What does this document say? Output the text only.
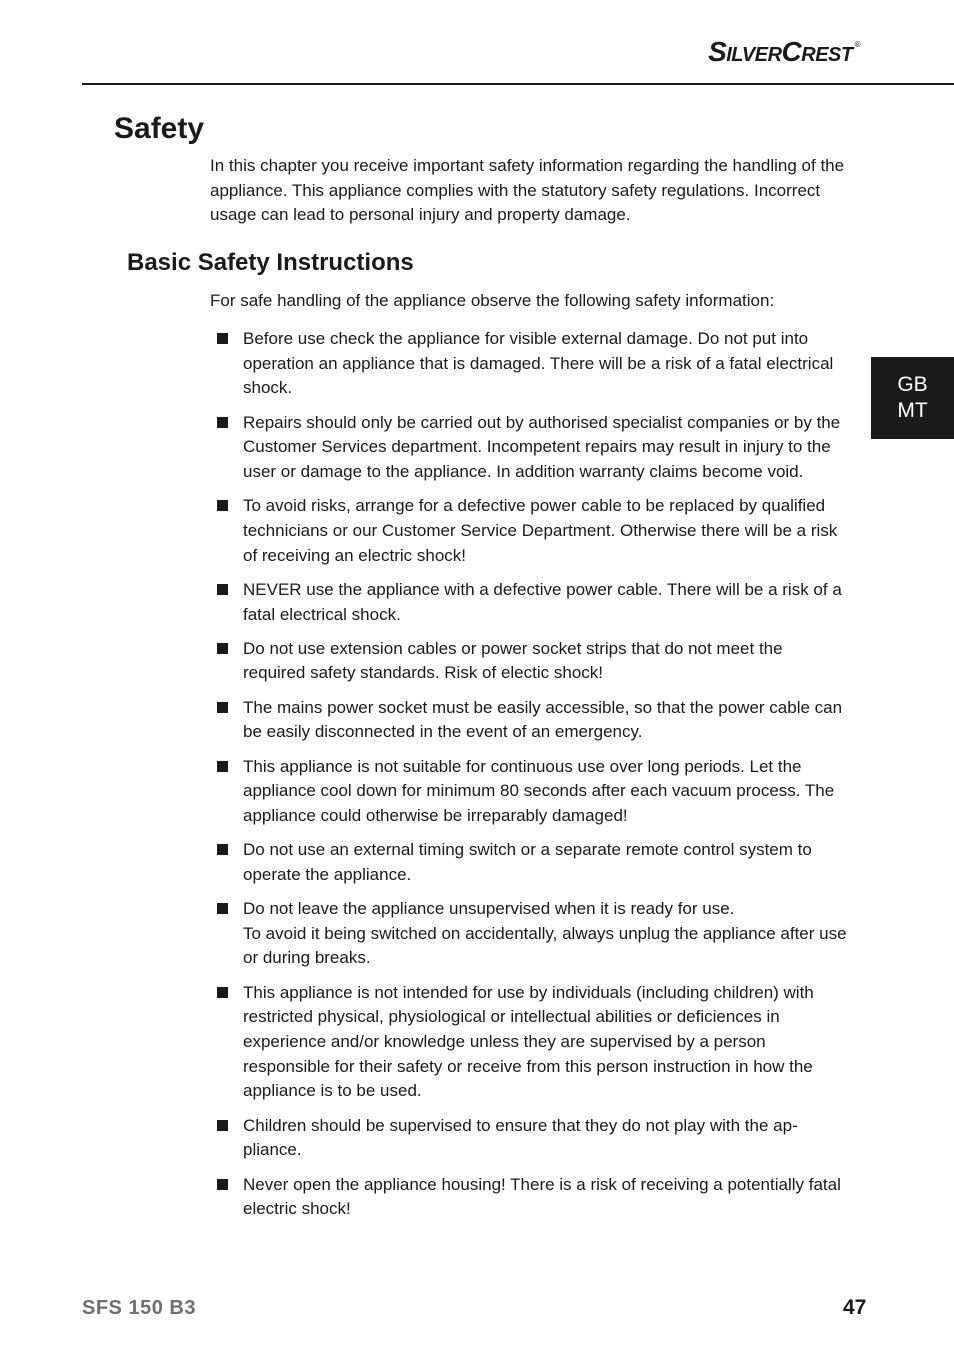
SilverCrest ®
Safety

In this chapter you receive important safety information regarding the handling of the appliance. This appliance complies with the statutory safety regulations. Incorrect usage can lead to personal injury and property damage.

Basic Safety Instructions

For safe handling of the appliance observe the following safety information:

Before use check the appliance for visible external damage. Do not put into operation an appliance that is damaged. There will be a risk of a fatal electrical shock.
Repairs should only be carried out by authorised specialist companies or by the Customer Services department. Incompetent repairs may result in injury to the user or damage to the appliance. In addition warranty claims become void.
To avoid risks, arrange for a defective power cable to be replaced by qualified technicians or our Customer Service Department. Otherwise there will be a risk of receiving an electric shock!
NEVER use the appliance with a defective power cable. There will be a risk of a fatal electrical shock.
Do not use extension cables or power socket strips that do not meet the required safety standards. Risk of electic shock!
The mains power socket must be easily accessible, so that the power cable can be easily disconnected in the event of an emergency.
This appliance is not suitable for continuous use over long periods. Let the appliance cool down for minimum 80 seconds after each vacuum process. The appliance could otherwise be irreparably damaged!
Do not use an external timing switch or a separate remote control system to operate the appliance.
Do not leave the appliance unsupervised when it is ready for use.
To avoid it being switched on accidentally, always unplug the appliance after use or during breaks.
This appliance is not intended for use by individuals (including children) with restricted physical, physiological or intellectual abilities or deficiences in experience and/or knowledge unless they are supervised by a person responsible for their safety or receive from this person instruction in how the appliance is to be used.
Children should be supervised to ensure that they do not play with the ap-pliance.
Never open the appliance housing! There is a risk of receiving a potentially fatal electric shock!
GB
MT
SFS 150 B3	47
